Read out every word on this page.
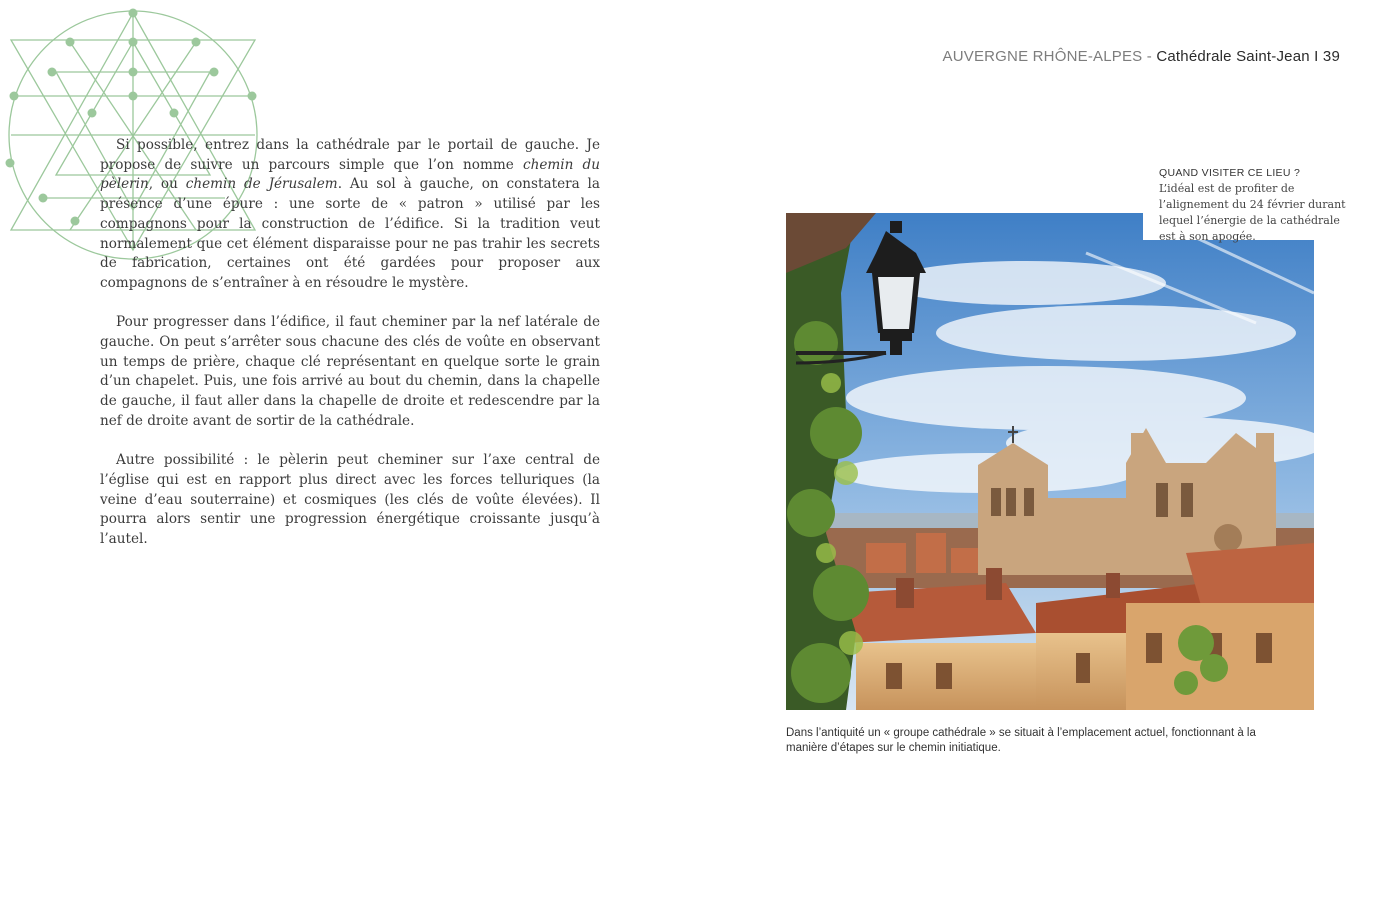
AUVERGNE RHÔNE-ALPES - Cathédrale Saint-Jean I 39

Si possible, entrez dans la cathédrale par le portail de gauche. Je propose de suivre un parcours simple que l’on nomme chemin du pèlerin, ou chemin de Jérusalem. Au sol à gauche, on constatera la présence d’une épure : une sorte de « patron » utilisé par les compagnons pour la construction de l’édifice. Si la tradition veut normalement que cet élément disparaisse pour ne pas trahir les secrets de fabrication, certaines ont été gardées pour proposer aux compagnons de s’entraîner à en résoudre le mystère.

Pour progresser dans l’édifice, il faut cheminer par la nef latérale de gauche. On peut s’arrêter sous chacune des clés de voûte en observant un temps de prière, chaque clé représentant en quelque sorte le grain d’un chapelet. Puis, une fois arrivé au bout du chemin, dans la chapelle de gauche, il faut aller dans la chapelle de droite et redescendre par la nef de droite avant de sortir de la cathédrale.

Autre possibilité : le pèlerin peut cheminer sur l’axe central de l’église qui est en rapport plus direct avec les forces telluriques (la veine d’eau souterraine) et cosmiques (les clés de voûte élevées). Il pourra alors sentir une progression énergétique croissante jusqu’à l’autel.

QUAND VISITER CE LIEU ?
L’idéal est de profiter de l’alignement du 24 février durant lequel l’énergie de la cathédrale est à son apogée.
Dans l’antiquité un « groupe cathédrale » se situait à l’emplacement actuel, fonctionnant à la manière d’étapes sur le chemin initiatique.
